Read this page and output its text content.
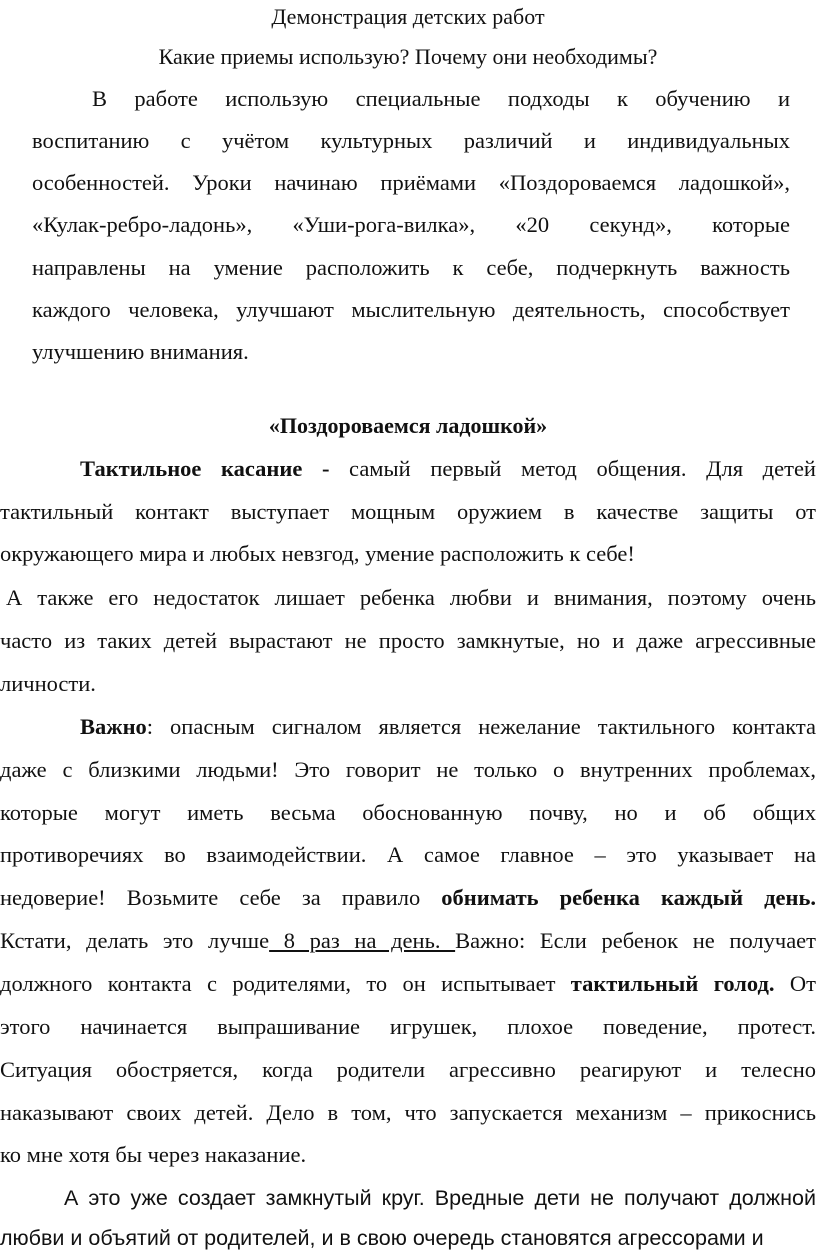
Демонстрация детских работ
Какие приемы использую? Почему они необходимы?
В работе использую специальные подходы к обучению и
воспитанию с учётом культурных различий и индивидуальных
особенностей. Уроки начинаю приёмами «Поздороваемся ладошкой»,
«Кулак-ребро-ладонь», «Уши-рога-вилка», «20 секунд», которые
направлены на умение расположить к себе, подчеркнуть важность
каждого человека, улучшают мыслительную деятельность, способствует
улучшению внимания.
«Поздороваемся ладошкой»
Тактильное касание - самый первый метод общения. Для детей
тактильный контакт выступает мощным оружием в качестве защиты от
окружающего мира и любых невзгод, умение расположить к себе!
А также его недостаток лишает ребенка любви и внимания, поэтому очень
часто из таких детей вырастают не просто замкнутые, но и даже агрессивные
личности.
Важно: опасным сигналом является нежелание тактильного контакта
даже с близкими людьми! Это говорит не только о внутренних проблемах,
которые могут иметь весьма обоснованную почву, но и об общих
противоречиях во взаимодействии. А самое главное – это указывает на
недоверие! Возьмите себе за правило обнимать ребенка каждый день.
Кстати, делать это лучше 8 раз на день. Важно: Если ребенок не получает
должного контакта с родителями, то он испытывает тактильный голод. От
этого начинается выпрашивание игрушек, плохое поведение, протест.
Ситуация обостряется, когда родители агрессивно реагируют и телесно
наказывают своих детей. Дело в том, что запускается механизм – прикоснись
ко мне хотя бы через наказание.
А это уже создает замкнутый круг. Вредные дети не получают должной
любви и объятий от родителей, и в свою очередь становятся агрессорами и
